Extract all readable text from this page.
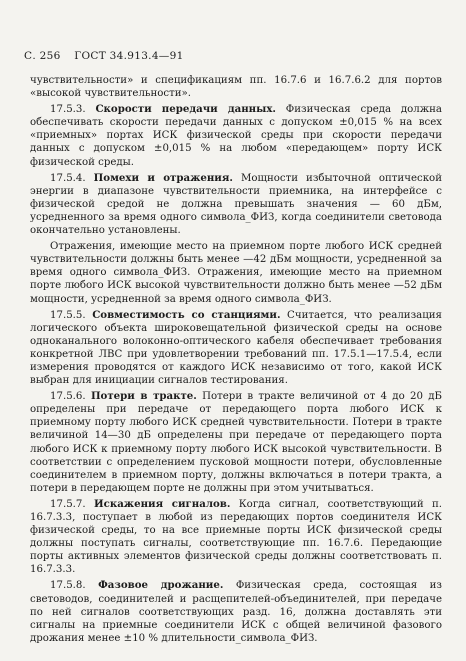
С. 256 ГОСТ 34.913.4—91

чувствительности» и спецификациям пп. 16.7.6 и 16.7.6.2 для портов «высокой чувствительности».

17.5.3. Скорости передачи данных. Физическая среда должна обеспечивать скорости передачи данных с допуском ±0,015 % на всех «приемных» портах ИСК физической среды при скорости передачи данных с допуском ±0,015 % на любом «передающем» порту ИСК физической среды.

17.5.4. Помехи и отражения. Мощности избыточной оптической энергии в диапазоне чувствительности приемника, на интерфейсе с физической средой не должна превышать значения — 60 дБм, усредненного за время одного символа_ФИЗ, когда соединители световода окончательно установлены.

Отражения, имеющие место на приемном порте любого ИСК средней чувствительности должны быть менее —42 дБм мощности, усредненной за время одного символа_ФИЗ. Отражения, имеющие место на приемном порте любого ИСК высокой чувствительности должно быть менее —52 дБм мощности, усредненной за время одного символа_ФИЗ.

17.5.5. Совместимость со станциями. Считается, что реализация логического объекта широковещательной физической среды на основе одноканального волоконно-оптического кабеля обеспечивает требования конкретной ЛВС при удовлетворении требований пп. 17.5.1—17.5.4, если измерения проводятся от каждого ИСК независимо от того, какой ИСК выбран для инициации сигналов тестирования.

17.5.6. Потери в тракте. Потери в тракте величиной от 4 до 20 дБ определены при передаче от передающего порта любого ИСК к приемному порту любого ИСК средней чувствительности. Потери в тракте величиной 14—30 дБ определены при передаче от передающего порта любого ИСК к приемному порту любого ИСК высокой чувствительности. В соответствии с определением пусковой мощности потери, обусловленные соединителем в приемном порту, должны включаться в потери тракта, а потери в передающем порте не должны при этом учитываться.

17.5.7. Искажения сигналов. Когда сигнал, соответствующий п. 16.7.3.3, поступает в любой из передающих портов соединителя ИСК физической среды, то на все приемные порты ИСК физической среды должны поступать сигналы, соответствующие пп. 16.7.6. Передающие порты активных элементов физической среды должны соответствовать п. 16.7.3.3.

17.5.8. Фазовое дрожание. Физическая среда, состоящая из световодов, соединителей и расщепителей-объединителей, при передаче по ней сигналов соответствующих разд. 16, должна доставлять эти сигналы на приемные соединители ИСК с общей величиной фазового дрожания менее ±10 % длительности_символа_ФИЗ.
